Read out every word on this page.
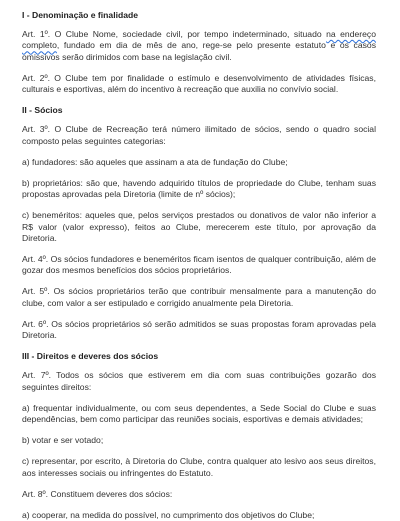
I - Denominação e finalidade

Art. 1º. O Clube Nome, sociedade civil, por tempo indeterminado, situado na endereço completo, fundado em dia de mês de ano, rege-se pelo presente estatuto e os casos omissivos serão dirimidos com base na legislação civil.

Art. 2º. O Clube tem por finalidade o estímulo e desenvolvimento de atividades físicas, culturais e esportivas, além do incentivo à recreação que auxilia no convívio social.

II - Sócios

Art. 3º. O Clube de Recreação terá número ilimitado de sócios, sendo o quadro social composto pelas seguintes categorias:

a) fundadores: são aqueles que assinam a ata de fundação do Clube;

b) proprietários: são que, havendo adquirido títulos de propriedade do Clube, tenham suas propostas aprovadas pela Diretoria (limite de nº sócios);

c) beneméritos: aqueles que, pelos serviços prestados ou donativos de valor não inferior a R$ valor (valor expresso), feitos ao Clube, merecerem este título, por aprovação da Diretoria.

Art. 4º. Os sócios fundadores e beneméritos ficam isentos de qualquer contribuição, além de gozar dos mesmos benefícios dos sócios proprietários.

Art. 5º. Os sócios proprietários terão que contribuir mensalmente para a manutenção do clube, com valor a ser estipulado e corrigido anualmente pela Diretoria.

Art. 6º. Os sócios proprietários só serão admitidos se suas propostas foram aprovadas pela Diretoria.

III - Direitos e deveres dos sócios

Art. 7º. Todos os sócios que estiverem em dia com suas contribuições gozarão dos seguintes direitos:

a) frequentar individualmente, ou com seus dependentes, a Sede Social do Clube e suas dependências, bem como participar das reuniões sociais, esportivas e demais atividades;

b) votar e ser votado;

c) representar, por escrito, à Diretoria do Clube, contra qualquer ato lesivo aos seus direitos, aos interesses sociais ou infringentes do Estatuto.

Art. 8º. Constituem deveres dos sócios:

a) cooperar, na medida do possível, no cumprimento dos objetivos do Clube;
